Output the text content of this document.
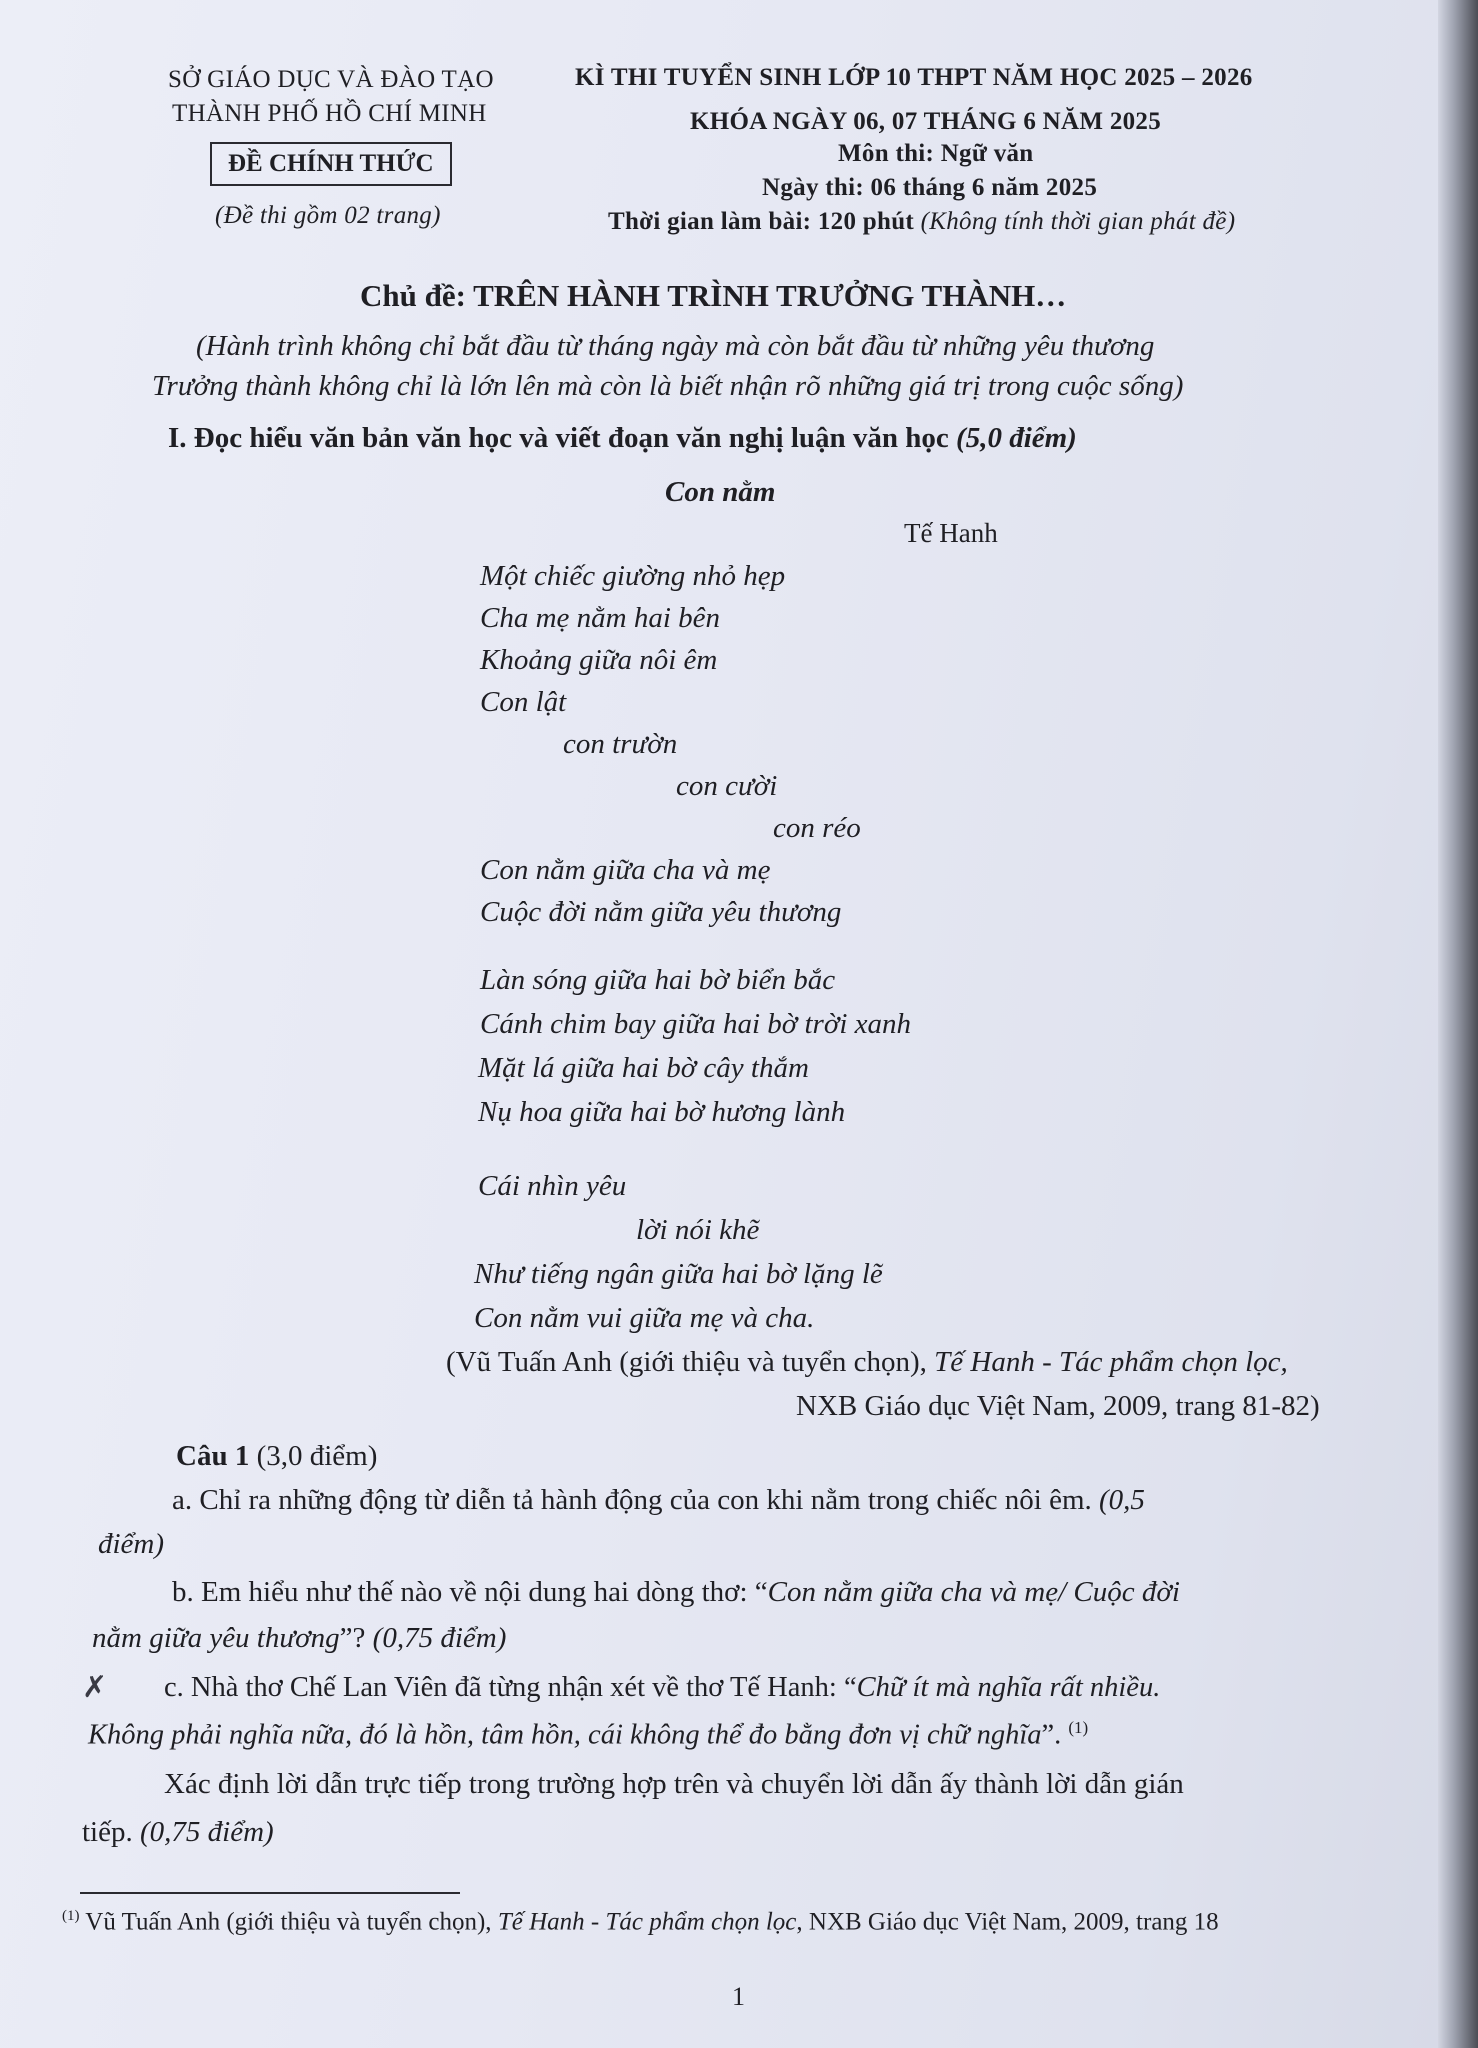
SỞ GIÁO DỤC VÀ ĐÀO TẠO
THÀNH PHỐ HỒ CHÍ MINH
ĐỀ CHÍNH THỨC
(Đề thi gồm 02 trang)
KÌ THI TUYỂN SINH LỚP 10 THPT NĂM HỌC 2025 – 2026
KHÓA NGÀY 06, 07 THÁNG 6 NĂM 2025
Môn thi: Ngữ văn
Ngày thi: 06 tháng 6 năm 2025
Thời gian làm bài: 120 phút (Không tính thời gian phát đề)
Chủ đề: TRÊN HÀNH TRÌNH TRƯỞNG THÀNH…
(Hành trình không chỉ bắt đầu từ tháng ngày mà còn bắt đầu từ những yêu thương
Trưởng thành không chỉ là lớn lên mà còn là biết nhận rõ những giá trị trong cuộc sống)
I. Đọc hiểu văn bản văn học và viết đoạn văn nghị luận văn học (5,0 điểm)
Con nằm
Tế Hanh
Một chiếc giường nhỏ hẹp
Cha mẹ nằm hai bên
Khoảng giữa nôi êm
Con lật
con trườn
con cười
con réo
Con nằm giữa cha và mẹ
Cuộc đời nằm giữa yêu thương
Làn sóng giữa hai bờ biển bắc
Cánh chim bay giữa hai bờ trời xanh
Mặt lá giữa hai bờ cây thắm
Nụ hoa giữa hai bờ hương lành
Cái nhìn yêu
lời nói khẽ
Như tiếng ngân giữa hai bờ lặng lẽ
Con nằm vui giữa mẹ và cha.
(Vũ Tuấn Anh (giới thiệu và tuyển chọn), Tế Hanh - Tác phẩm chọn lọc,
NXB Giáo dục Việt Nam, 2009, trang 81-82)
Câu 1 (3,0 điểm)
a. Chỉ ra những động từ diễn tả hành động của con khi nằm trong chiếc nôi êm. (0,5
điểm)
b. Em hiểu như thế nào về nội dung hai dòng thơ: “Con nằm giữa cha và mẹ/ Cuộc đời
nằm giữa yêu thương”? (0,75 điểm)
✗ c. Nhà thơ Chế Lan Viên đã từng nhận xét về thơ Tế Hanh: “Chữ ít mà nghĩa rất nhiều.
Không phải nghĩa nữa, đó là hồn, tâm hồn, cái không thể đo bằng đơn vị chữ nghĩa”. $^{(1)}$
Xác định lời dẫn trực tiếp trong trường hợp trên và chuyển lời dẫn ấy thành lời dẫn gián
tiếp. (0,75 điểm)
$^{(1)}$ Vũ Tuấn Anh (giới thiệu và tuyển chọn), Tế Hanh - Tác phẩm chọn lọc, NXB Giáo dục Việt Nam, 2009, trang 18
1
